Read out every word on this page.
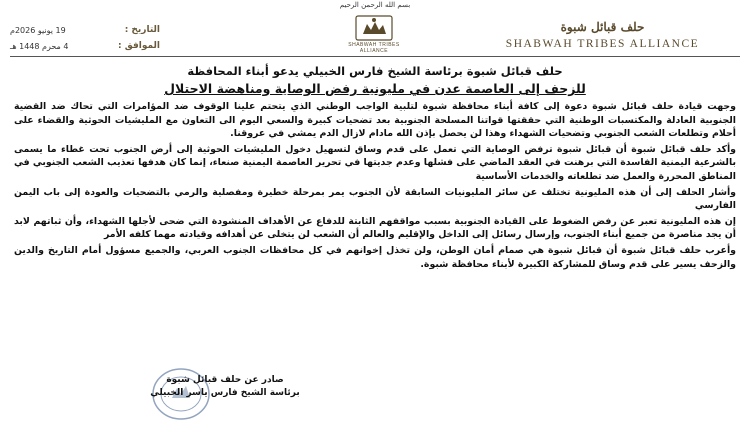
بسم الله الرحمن الرحيم
التاريخ :
19 يونيو 2026م
الموافق :
4 محرم 1448 هـ	SHABWAH TRIBES ALLIANCE
حلف قبائل شبوة
SHABWAH TRIBES ALLIANCE
حلف قبائل شبوة برئاسة الشيخ فارس الخبيلي يدعو أبناء المحافظة
للزحف إلى العاصمة عدن في مليونية رفض الوصاية ومناهضة الاحتلال

وجهت قيادة حلف قبائل شبوة دعوة إلى كافة أبناء محافظة شبوة لتلبية الواجب الوطني الذي يتحتم علينا الوقوف ضد المؤامرات التي تحاك ضد القضية الجنوبية العادلة والمكتسبات الوطنية التي حققتها قواتنا المسلحة الجنوبية بعد تضحيات كبيرة والسعي اليوم الى التعاون مع المليشيات الحوثية والقضاء على أحلام وتطلعات الشعب الجنوبي وتضحيات الشهداء وهذا لن يحصل بإذن الله مادام لازال الدم يمشي في عروقنا.

وأكد حلف قبائل شبوة أن قبائل شبوة ترفض الوصاية التي تعمل على قدم وساق لتسهيل دخول المليشيات الحوثية إلى أرض الجنوب تحت غطاء ما يسمى بالشرعية اليمنية الفاسدة التي برهنت في العقد الماضي على فشلها وعدم جديتها في تحرير العاصمة اليمنية صنعاء، إنما كان هدفها تعذيب الشعب الجنوبي في المناطق المحررة والعمل ضد تطلعاته والخدمات الأساسية

وأشار الحلف إلى أن هذه المليونية تختلف عن سائر المليونيات السابقة لأن الجنوب يمر بمرحلة خطيرة ومفصلية والرمي بالتضحيات والعودة إلى باب اليمن الفارسي

إن هذه المليونية تعبر عن رفض الضغوط على القيادة الجنوبية بسبب مواقفهم الثابتة للدفاع عن الأهداف المنشودة التي ضحى لأجلها الشهداء، وأن ثباتهم لابد أن يجد مناصرة من جميع أبناء الجنوب، وإرسال رسائل إلى الداخل والإقليم والعالم أن الشعب لن يتخلى عن أهدافه وقيادته مهما كلفه الأمر

وأعرب حلف قبائل شبوة أن قبائل شبوة هي صمام أمان الوطن، ولن تخذل إخوانهم في كل محافظات الجنوب العربي، والجميع مسؤول أمام التاريخ والدين والزحف يسير على قدم وساق للمشاركة الكبيرة لأبناء محافظة شبوة.

صادر عن حلف قبائل شبوة
برئاسة الشيخ فارس ياسر الخبيلي
